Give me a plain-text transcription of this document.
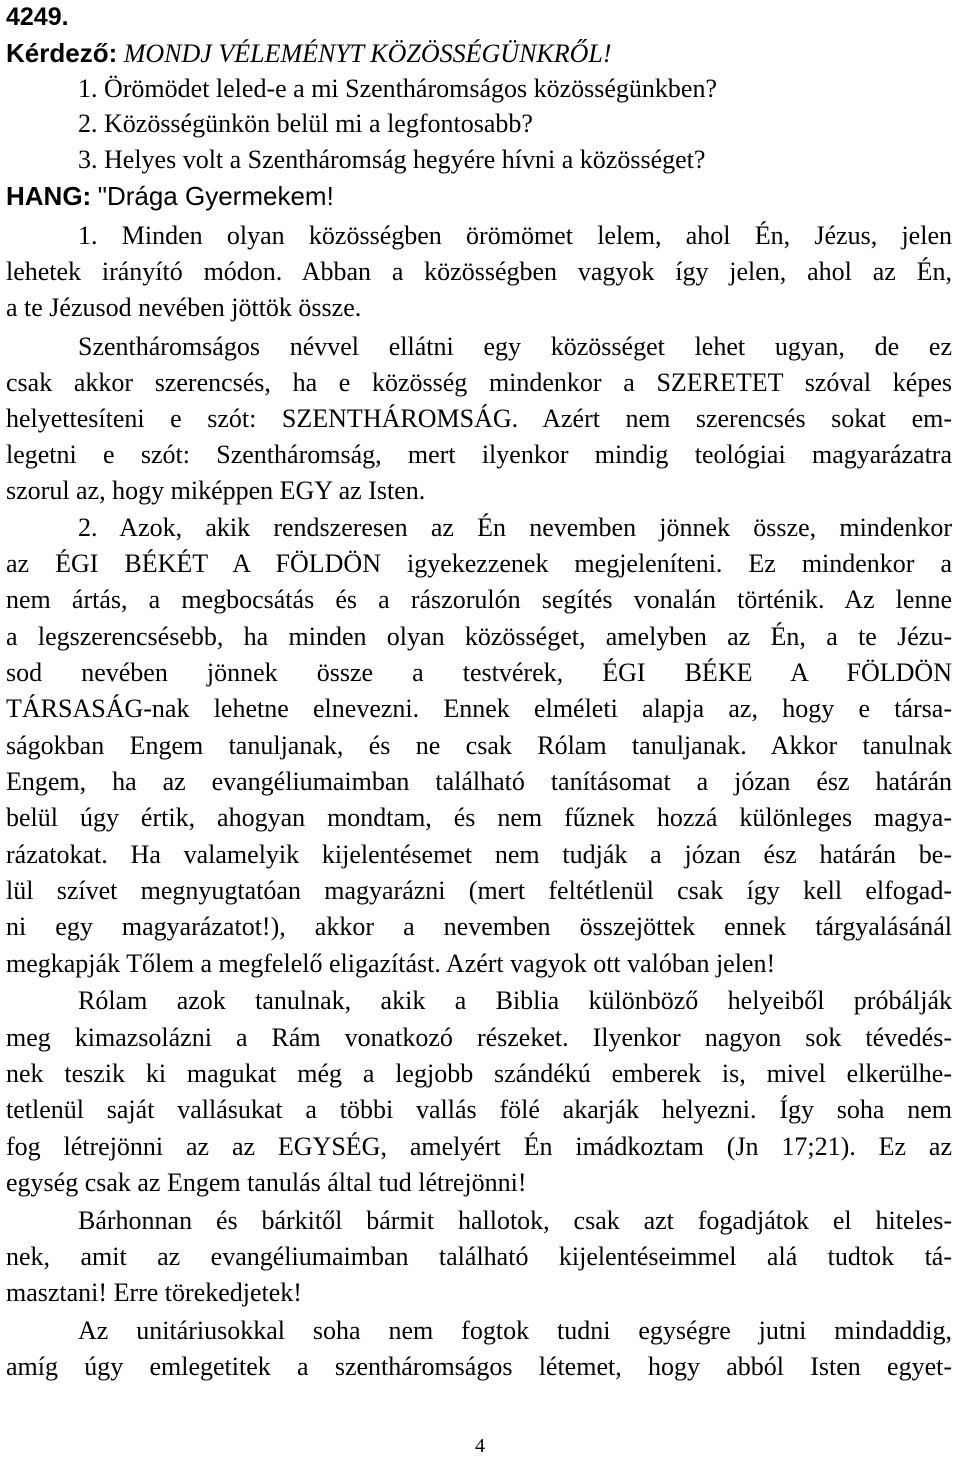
4249.
Kérdező: MONDJ VÉLEMÉNYT KÖZÖSSÉGÜNKRŐL!
1. Örömödet leled-e a mi Szentháromságos közösségünkben?
2. Közösségünkön belül mi a legfontosabb?
3. Helyes volt a Szentháromság hegyére hívni a közösséget?
HANG: "Drága Gyermekem!
1. Minden olyan közösségben örömömet lelem, ahol Én, Jézus, jelen
lehetek irányító módon. Abban a közösségben vagyok így jelen, ahol az Én,
a te Jézusod nevében jöttök össze.
Szentháromságos névvel ellátni egy közösséget lehet ugyan, de ez
csak akkor szerencsés, ha e közösség mindenkor a SZERETET szóval képes
helyettesíteni e szót: SZENTHÁROMSÁG. Azért nem szerencsés sokat em-
legetni e szót: Szentháromság, mert ilyenkor mindig teológiai magyarázatra
szorul az, hogy miképpen EGY az Isten.
2. Azok, akik rendszeresen az Én nevemben jönnek össze, mindenkor
az ÉGI BÉKÉT A FÖLDÖN igyekezzenek megjeleníteni. Ez mindenkor a
nem ártás, a megbocsátás és a rászorulón segítés vonalán történik. Az lenne
a legszerencsésebb, ha minden olyan közösséget, amelyben az Én, a te Jézu-
sod nevében jönnek össze a testvérek, ÉGI BÉKE A FÖLDÖN
TÁRSASÁG-nak lehetne elnevezni. Ennek elméleti alapja az, hogy e társa-
ságokban Engem tanuljanak, és ne csak Rólam tanuljanak. Akkor tanulnak
Engem, ha az evangéliumaimban található tanításomat a józan ész határán
belül úgy értik, ahogyan mondtam, és nem fűznek hozzá különleges magya-
rázatokat. Ha valamelyik kijelentésemet nem tudják a józan ész határán be-
lül szívet megnyugtatóan magyarázni (mert feltétlenül csak így kell elfogad-
ni egy magyarázatot!), akkor a nevemben összejöttek ennek tárgyalásánál
megkapják Tőlem a megfelelő eligazítást. Azért vagyok ott valóban jelen!
Rólam azok tanulnak, akik a Biblia különböző helyeiből próbálják
meg kimazsolázni a Rám vonatkozó részeket. Ilyenkor nagyon sok tévedés-
nek teszik ki magukat még a legjobb szándékú emberek is, mivel elkerülhe-
tetlenül saját vallásukat a többi vallás fölé akarják helyezni. Így soha nem
fog létrejönni az az EGYSÉG, amelyért Én imádkoztam (Jn 17;21). Ez az
egység csak az Engem tanulás által tud létrejönni!
Bárhonnan és bárkitől bármit hallotok, csak azt fogadjátok el hiteles-
nek, amit az evangéliumaimban található kijelentéseimmel alá tudtok tá-
masztani! Erre törekedjetek!
Az unitáriusokkal soha nem fogtok tudni egységre jutni mindaddig,
amíg úgy emlegetitek a szentháromságos létemet, hogy abból Isten egyet-
4
